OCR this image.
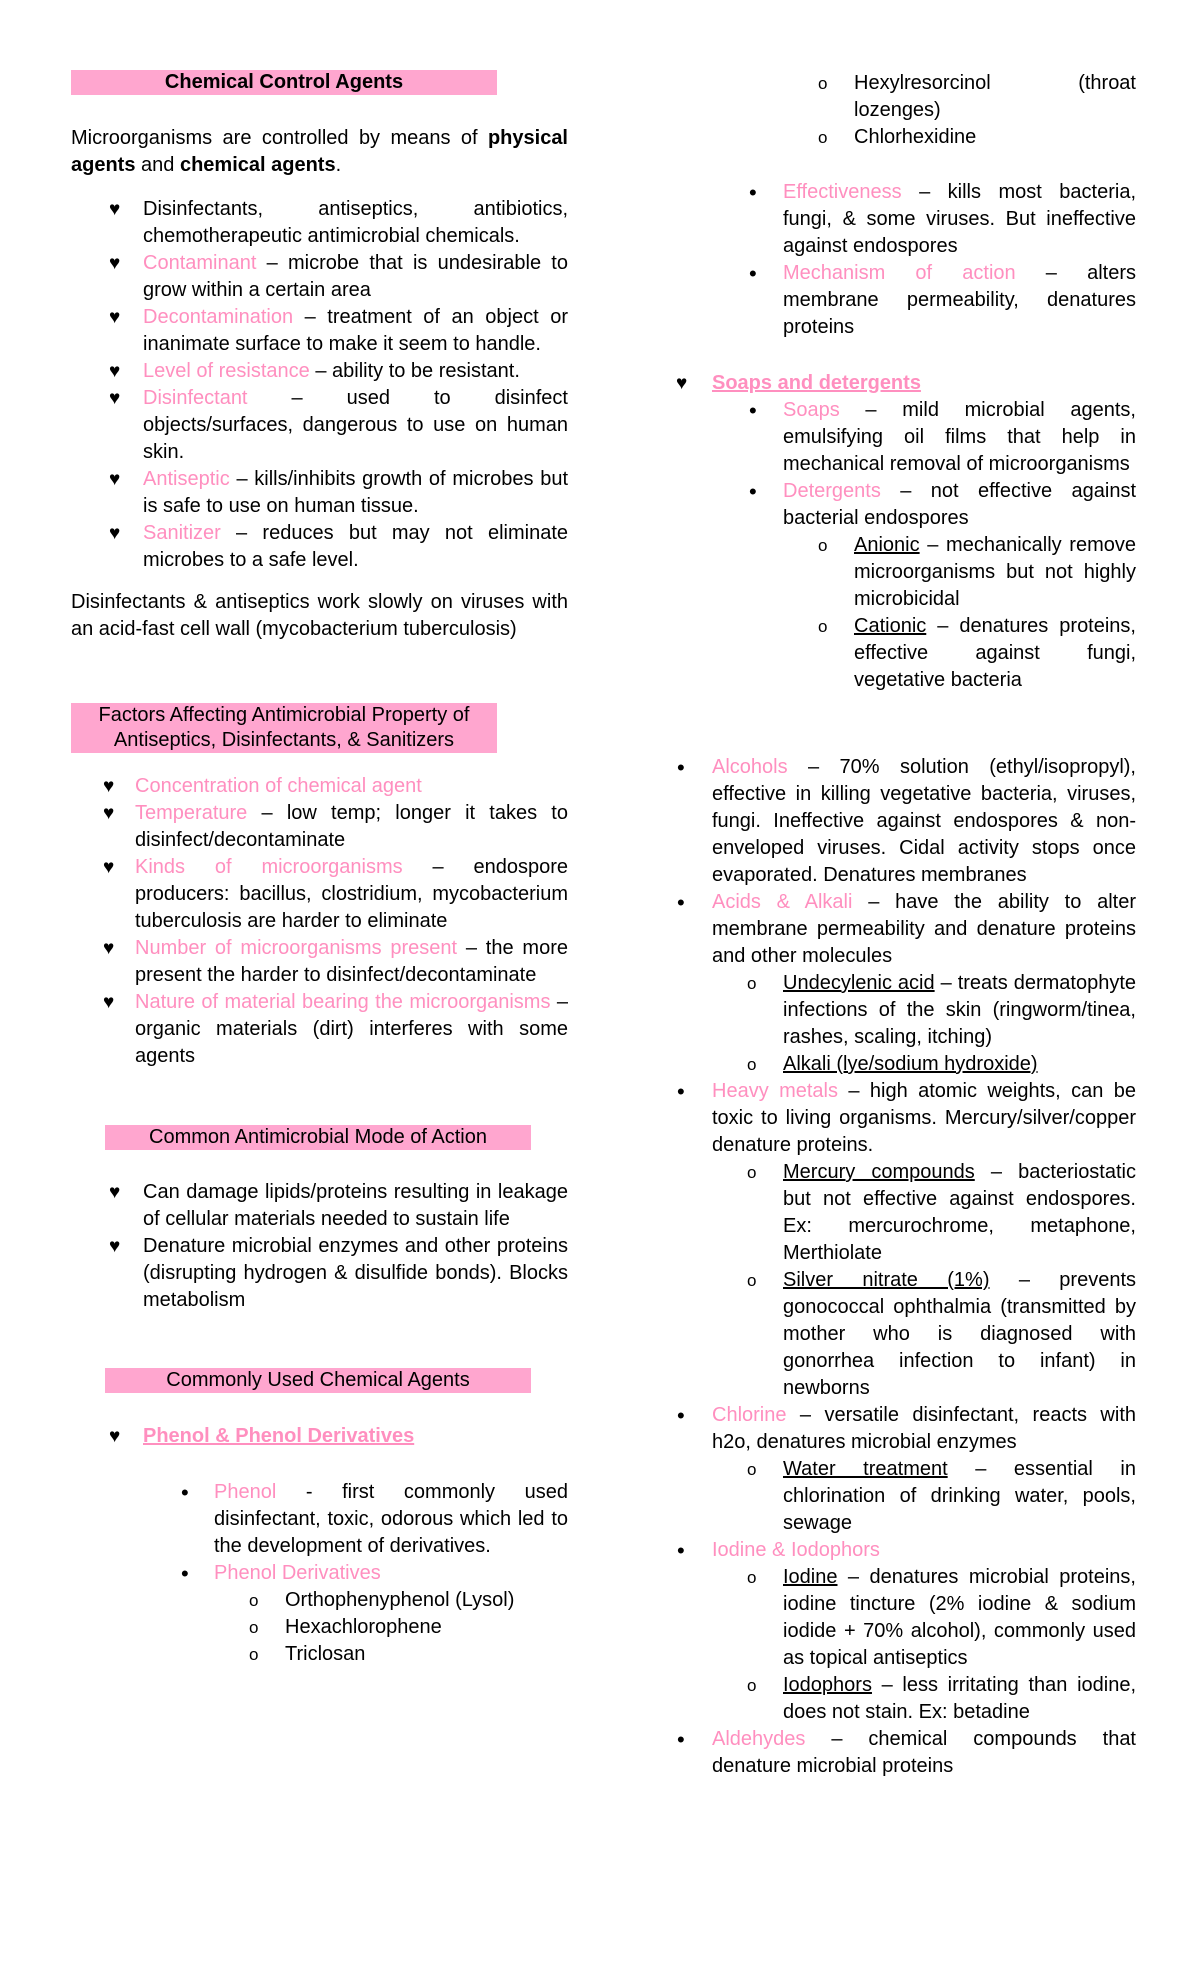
Chemical Control Agents
Microorganisms are controlled by means of physical agents and chemical agents.
♥ Disinfectants, antiseptics, antibiotics, chemotherapeutic antimicrobial chemicals.
♥ Contaminant – microbe that is undesirable to grow within a certain area
♥ Decontamination – treatment of an object or inanimate surface to make it seem to handle.
♥ Level of resistance – ability to be resistant.
♥ Disinfectant – used to disinfect objects/surfaces, dangerous to use on human skin.
♥ Antiseptic – kills/inhibits growth of microbes but is safe to use on human tissue.
♥ Sanitizer – reduces but may not eliminate microbes to a safe level.
Disinfectants & antiseptics work slowly on viruses with an acid-fast cell wall (mycobacterium tuberculosis)
Factors Affecting Antimicrobial Property of Antiseptics, Disinfectants, & Sanitizers
♥ Concentration of chemical agent
♥ Temperature – low temp; longer it takes to disinfect/decontaminate
♥ Kinds of microorganisms – endospore producers: bacillus, clostridium, mycobacterium tuberculosis are harder to eliminate
♥ Number of microorganisms present – the more present the harder to disinfect/decontaminate
♥ Nature of material bearing the microorganisms – organic materials (dirt) interferes with some agents
Common Antimicrobial Mode of Action
♥ Can damage lipids/proteins resulting in leakage of cellular materials needed to sustain life
♥ Denature microbial enzymes and other proteins (disrupting hydrogen & disulfide bonds). Blocks metabolism
Commonly Used Chemical Agents
♥ Phenol & Phenol Derivatives
• Phenol - first commonly used disinfectant, toxic, odorous which led to the development of derivatives.
• Phenol Derivatives
o Orthophenyphenol (Lysol)
o Hexachlorophene
o Triclosan
o Hexylresorcinol (throat lozenges)
o Chlorhexidine
• Effectiveness – kills most bacteria, fungi, & some viruses. But ineffective against endospores
• Mechanism of action – alters membrane permeability, denatures proteins
♥ Soaps and detergents
• Soaps – mild microbial agents, emulsifying oil films that help in mechanical removal of microorganisms
• Detergents – not effective against bacterial endospores
o Anionic – mechanically remove microorganisms but not highly microbicidal
o Cationic – denatures proteins, effective against fungi, vegetative bacteria
• Alcohols – 70% solution (ethyl/isopropyl), effective in killing vegetative bacteria, viruses, fungi. Ineffective against endospores & non-enveloped viruses. Cidal activity stops once evaporated. Denatures membranes
• Acids & Alkali – have the ability to alter membrane permeability and denature proteins and other molecules
o Undecylenic acid – treats dermatophyte infections of the skin (ringworm/tinea, rashes, scaling, itching)
o Alkali (lye/sodium hydroxide)
• Heavy metals – high atomic weights, can be toxic to living organisms. Mercury/silver/copper denature proteins.
o Mercury compounds – bacteriostatic but not effective against endospores. Ex: mercurochrome, metaphone, Merthiolate
o Silver nitrate (1%) – prevents gonococcal ophthalmia (transmitted by mother who is diagnosed with gonorrhea infection to infant) in newborns
• Chlorine – versatile disinfectant, reacts with h2o, denatures microbial enzymes
o Water treatment – essential in chlorination of drinking water, pools, sewage
• Iodine & Iodophors
o Iodine – denatures microbial proteins, iodine tincture (2% iodine & sodium iodide + 70% alcohol), commonly used as topical antiseptics
o Iodophors – less irritating than iodine, does not stain. Ex: betadine
• Aldehydes – chemical compounds that denature microbial proteins
